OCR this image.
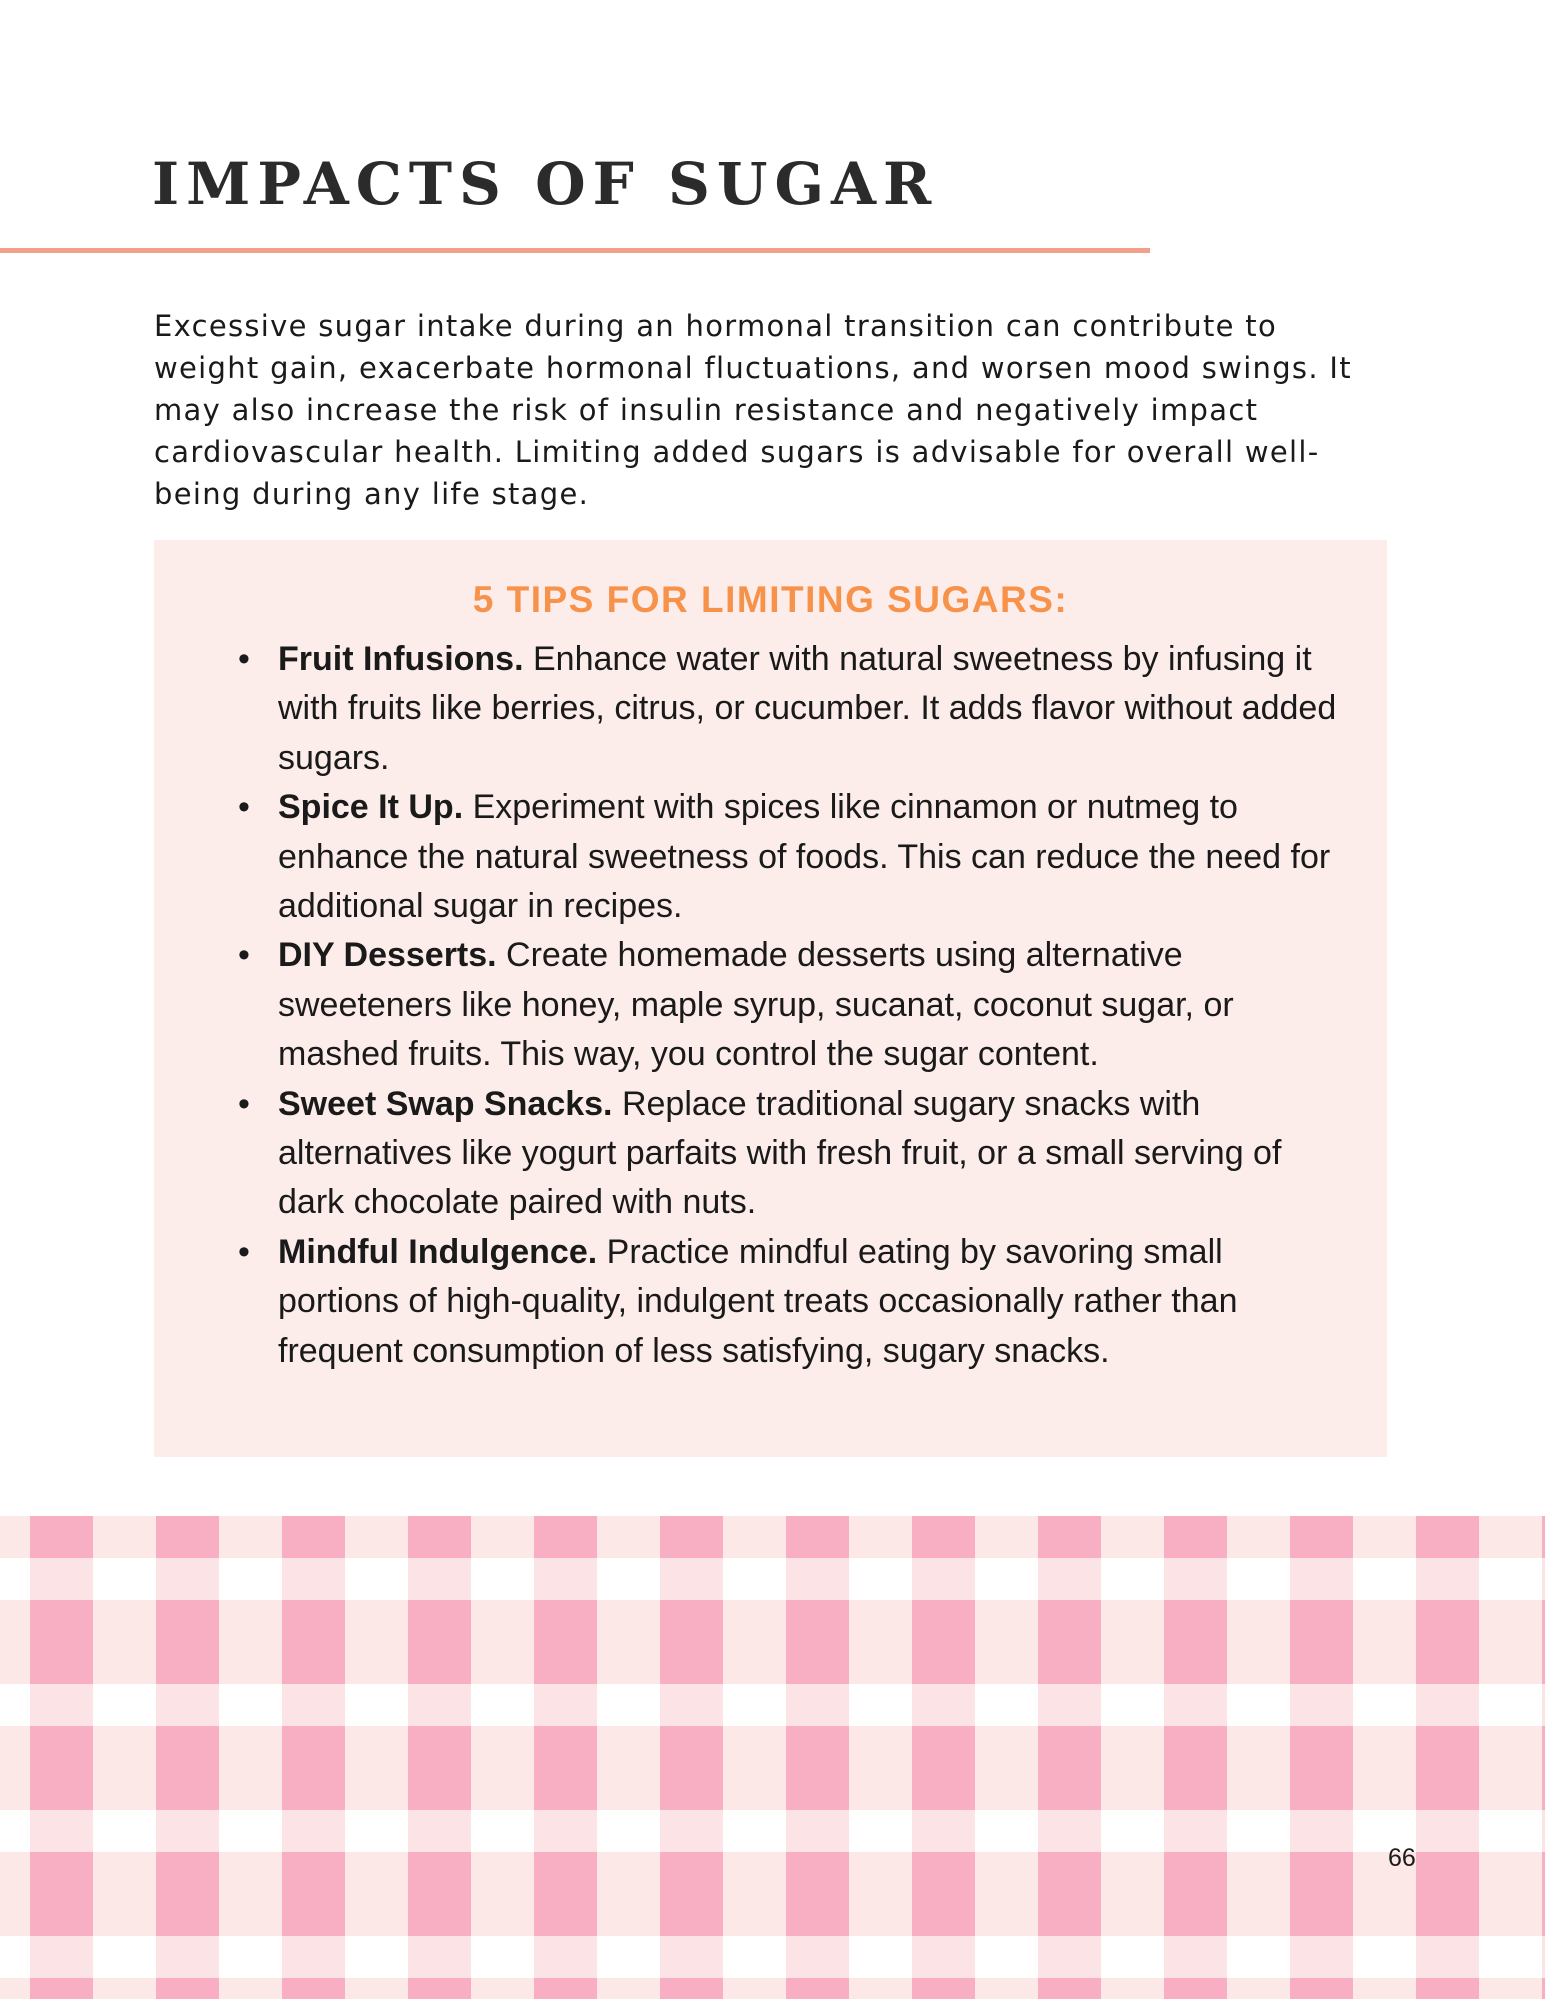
IMPACTS OF SUGAR

Excessive sugar intake during an hormonal transition can contribute to weight gain, exacerbate hormonal fluctuations, and worsen mood swings. It may also increase the risk of insulin resistance and negatively impact cardiovascular health. Limiting added sugars is advisable for overall well-being during any life stage.

5 TIPS FOR LIMITING SUGARS:
• Fruit Infusions. Enhance water with natural sweetness by infusing it with fruits like berries, citrus, or cucumber. It adds flavor without added sugars.
• Spice It Up. Experiment with spices like cinnamon or nutmeg to enhance the natural sweetness of foods. This can reduce the need for additional sugar in recipes.
• DIY Desserts. Create homemade desserts using alternative sweeteners like honey, maple syrup, sucanat, coconut sugar, or mashed fruits. This way, you control the sugar content.
• Sweet Swap Snacks. Replace traditional sugary snacks with alternatives like yogurt parfaits with fresh fruit, or a small serving of dark chocolate paired with nuts.
• Mindful Indulgence. Practice mindful eating by savoring small portions of high-quality, indulgent treats occasionally rather than frequent consumption of less satisfying, sugary snacks.
66
